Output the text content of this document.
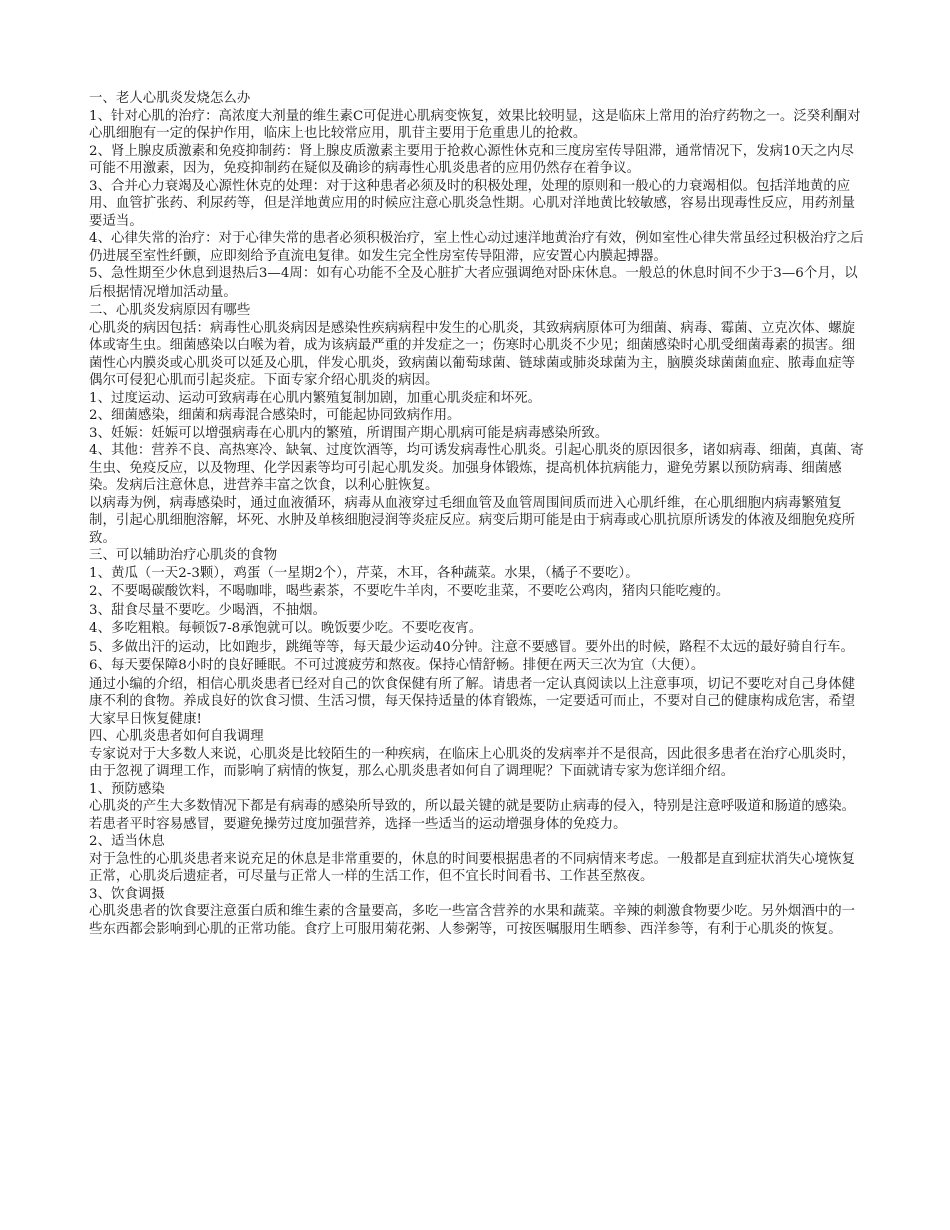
一、老人心肌炎发烧怎么办

1、针对心肌的治疗：高浓度大剂量的维生素C可促进心肌病变恢复，效果比较明显，这是临床上常用的治疗药物之一。泛癸利酮对心肌细胞有一定的保护作用，临床上也比较常应用，肌苷主要用于危重患儿的抢救。

2、肾上腺皮质激素和免疫抑制药：肾上腺皮质激素主要用于抢救心源性休克和三度房室传导阻滞，通常情况下，发病10天之内尽可能不用激素，因为，免疫抑制药在疑似及确诊的病毒性心肌炎患者的应用仍然存在着争议。

3、合并心力衰竭及心源性休克的处理：对于这种患者必须及时的积极处理，处理的原则和一般心的力衰竭相似。包括洋地黄的应用、血管扩张药、利尿药等，但是洋地黄应用的时候应注意心肌炎急性期。心肌对洋地黄比较敏感，容易出现毒性反应，用药剂量要适当。

4、心律失常的治疗：对于心律失常的患者必须积极治疗，室上性心动过速洋地黄治疗有效，例如室性心律失常虽经过积极治疗之后仍进展至室性纤颤，应即刻给予直流电复律。如发生完全性房室传导阻滞，应安置心内膜起搏器。

5、急性期至少休息到退热后3—4周：如有心功能不全及心脏扩大者应强调绝对卧床休息。一般总的休息时间不少于3—6个月，以后根据情况增加活动量。

二、心肌炎发病原因有哪些

心肌炎的病因包括：病毒性心肌炎病因是感染性疾病病程中发生的心肌炎，其致病病原体可为细菌、病毒、霉菌、立克次体、螺旋体或寄生虫。细菌感染以白喉为着，成为该病最严重的并发症之一；伤寒时心肌炎不少见；细菌感染时心肌受细菌毒素的损害。细菌性心内膜炎或心肌炎可以延及心肌，伴发心肌炎，致病菌以葡萄球菌、链球菌或肺炎球菌为主，脑膜炎球菌菌血症、脓毒血症等偶尔可侵犯心肌而引起炎症。下面专家介绍心肌炎的病因。

1、过度运动、运动可致病毒在心肌内繁殖复制加剧，加重心肌炎症和坏死。

2、细菌感染，细菌和病毒混合感染时，可能起协同致病作用。

3、妊娠：妊娠可以增强病毒在心肌内的繁殖，所谓围产期心肌病可能是病毒感染所致。

4、其他：营养不良、高热寒冷、缺氧、过度饮酒等，均可诱发病毒性心肌炎。引起心肌炎的原因很多，诸如病毒、细菌，真菌、寄生虫、免疫反应，以及物理、化学因素等均可引起心肌发炎。加强身体锻炼，提高机体抗病能力，避免劳累以预防病毒、细菌感染。发病后注意休息，进营养丰富之饮食，以利心脏恢复。

以病毒为例，病毒感染时，通过血液循环，病毒从血液穿过毛细血管及血管周围间质而进入心肌纤维，在心肌细胞内病毒繁殖复制，引起心肌细胞溶解，坏死、水肿及单核细胞浸润等炎症反应。病变后期可能是由于病毒或心肌抗原所诱发的体液及细胞免疫所致。

三、可以辅助治疗心肌炎的食物

1、黄瓜（一天2-3颗），鸡蛋（一星期2个），芹菜，木耳，各种蔬菜。水果，（橘子不要吃）。

2、不要喝碳酸饮料，不喝咖啡，喝些素茶，不要吃牛羊肉，不要吃韭菜，不要吃公鸡肉，猪肉只能吃瘦的。

3、甜食尽量不要吃。少喝酒，不抽烟。

4、多吃粗粮。每顿饭7-8承饱就可以。晚饭要少吃。不要吃夜宵。

5、多做出汗的运动，比如跑步，跳绳等等，每天最少运动40分钟。注意不要感冒。要外出的时候，路程不太远的最好骑自行车。

6、每天要保障8小时的良好睡眠。不可过渡疲劳和熬夜。保持心情舒畅。排便在两天三次为宜（大便）。

通过小编的介绍，相信心肌炎患者已经对自己的饮食保健有所了解。请患者一定认真阅读以上注意事项，切记不要吃对自己身体健康不利的食物。养成良好的饮食习惯、生活习惯，每天保持适量的体育锻炼，一定要适可而止，不要对自己的健康构成危害，希望大家早日恢复健康!

四、心肌炎患者如何自我调理

专家说对于大多数人来说，心肌炎是比较陌生的一种疾病，在临床上心肌炎的发病率并不是很高，因此很多患者在治疗心肌炎时，由于忽视了调理工作，而影响了病情的恢复，那么心肌炎患者如何自了调理呢？下面就请专家为您详细介绍。

1、预防感染

心肌炎的产生大多数情况下都是有病毒的感染所导致的，所以最关键的就是要防止病毒的侵入，特别是注意呼吸道和肠道的感染。若患者平时容易感冒，要避免操劳过度加强营养，选择一些适当的运动增强身体的免疫力。

2、适当休息

对于急性的心肌炎患者来说充足的休息是非常重要的，休息的时间要根据患者的不同病情来考虑。一般都是直到症状消失心境恢复正常，心肌炎后遗症者，可尽量与正常人一样的生活工作，但不宜长时间看书、工作甚至熬夜。

3、饮食调摄

心肌炎患者的饮食要注意蛋白质和维生素的含量要高，多吃一些富含营养的水果和蔬菜。辛辣的刺激食物要少吃。另外烟酒中的一些东西都会影响到心肌的正常功能。食疗上可服用菊花粥、人参粥等，可按医嘱服用生晒参、西洋参等，有利于心肌炎的恢复。
